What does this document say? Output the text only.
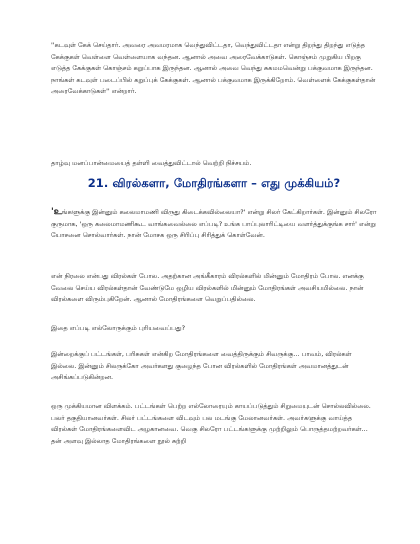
''கடவுள் கேக் செய்தார். அவரை அவமரமாக வெந்துவிட்டதா, வெந்துவிட்டதா என்று திறந்து திறந்து எடுத்த கேக்குகள் வெள்ளை வெள்ளையாக வந்தன. ஆனால் அவை அரைவேக்காடுகள். கொஞ்சம் முறுகிய பிறகு எடுத்த கேக்குகள் கொஞ்சம் கறுப்பாக இருந்தன. ஆனால் அவை வெந்து சுகமமவென்று பக்குவமாக இருந்தன. நாங்கள் கடவுள் படைப்பில் கறுப்புக் கேக்குகள். ஆனால் பக்குவமாக இருக்கிறோம். வெள்ளைக் கேக்குகள்தான் அரைவேக்காடுகள்'' என்றார்.

தாழ்வு மனப்பான்மையைத் தள்ளி வைத்துவிட்டால் வெற்றி நிச்சயம்.

21. விரல்களா, மோதிரங்களா – எது முக்கியம்?

'உங்களுக்கு இன்னும் கலைமாமணி விருது கிடைக்கவில்லையா?' என்று சிலர் கேட்கிறார்கள். இன்னும் சிலரோ குருமாக, 'ஒரு கலைமாமணிகூட வாங்கவைல்லை எப்படி? உங்க பாப்புலாரிட்டியை வளர்த்துக்குங்க சார்' என்று யோசனை சொல்வார்கள். நான் மோசக ஒரு சிரிப்பு சிரித்துக் கொள்வேன்.

என் நிரலை என்பது விரல்கள் போல. அதற்கான அங்கீகாரம் விரல்களில் மின்னும் மோதிரம் போல. எனக்கு வேலை செய்ய விரல்கள்தான் வேண்டுமே ஒழிய விரல்களில் மின்னும் மோதிரங்கள் அவசியமில்லை. நான் விரல்களை விரும்புகிறேன். ஆனால் மோதிரங்களை வெறுப்பதில்லை.

இதை எப்படி எல்லோருக்கும் புரியவைப்பது?

இன்றைக்குப் பட்டங்கள், பரிசுகள் என்கிற மோதிரங்களை வைத்திருக்கும் சிவருக்கு... பாவம், விரல்கள் இல்லை. இன்னும் சிலருக்கோ அவர்களது குழைந்த போன விரல்களில் மோதிரங்கள் அவமானத்துடன் அசிங்கப்படுகின்றன.

ஒரு முக்கியமான விளக்கம். பட்டங்கள் பெற்ற எல்லோரையும் காயப்படுத்தும் சிறுமையுடன் சொல்லவில்லை. பலர் தகுதியானவர்கள். சிலர் பட்டங்களை விடவும் பல மடங்கு மேலானவர்கள். அவர்களுக்கு வாய்த்த விரல்கள் மோதிரங்களைவிட அழகானவை. வெகு சிலரோ பட்டங்களுக்கு முற்றிலும் பொருத்தமற்றவர்கள்... தன் அளவு இல்லாத மோதிரங்களை நூல் சுற்றி
